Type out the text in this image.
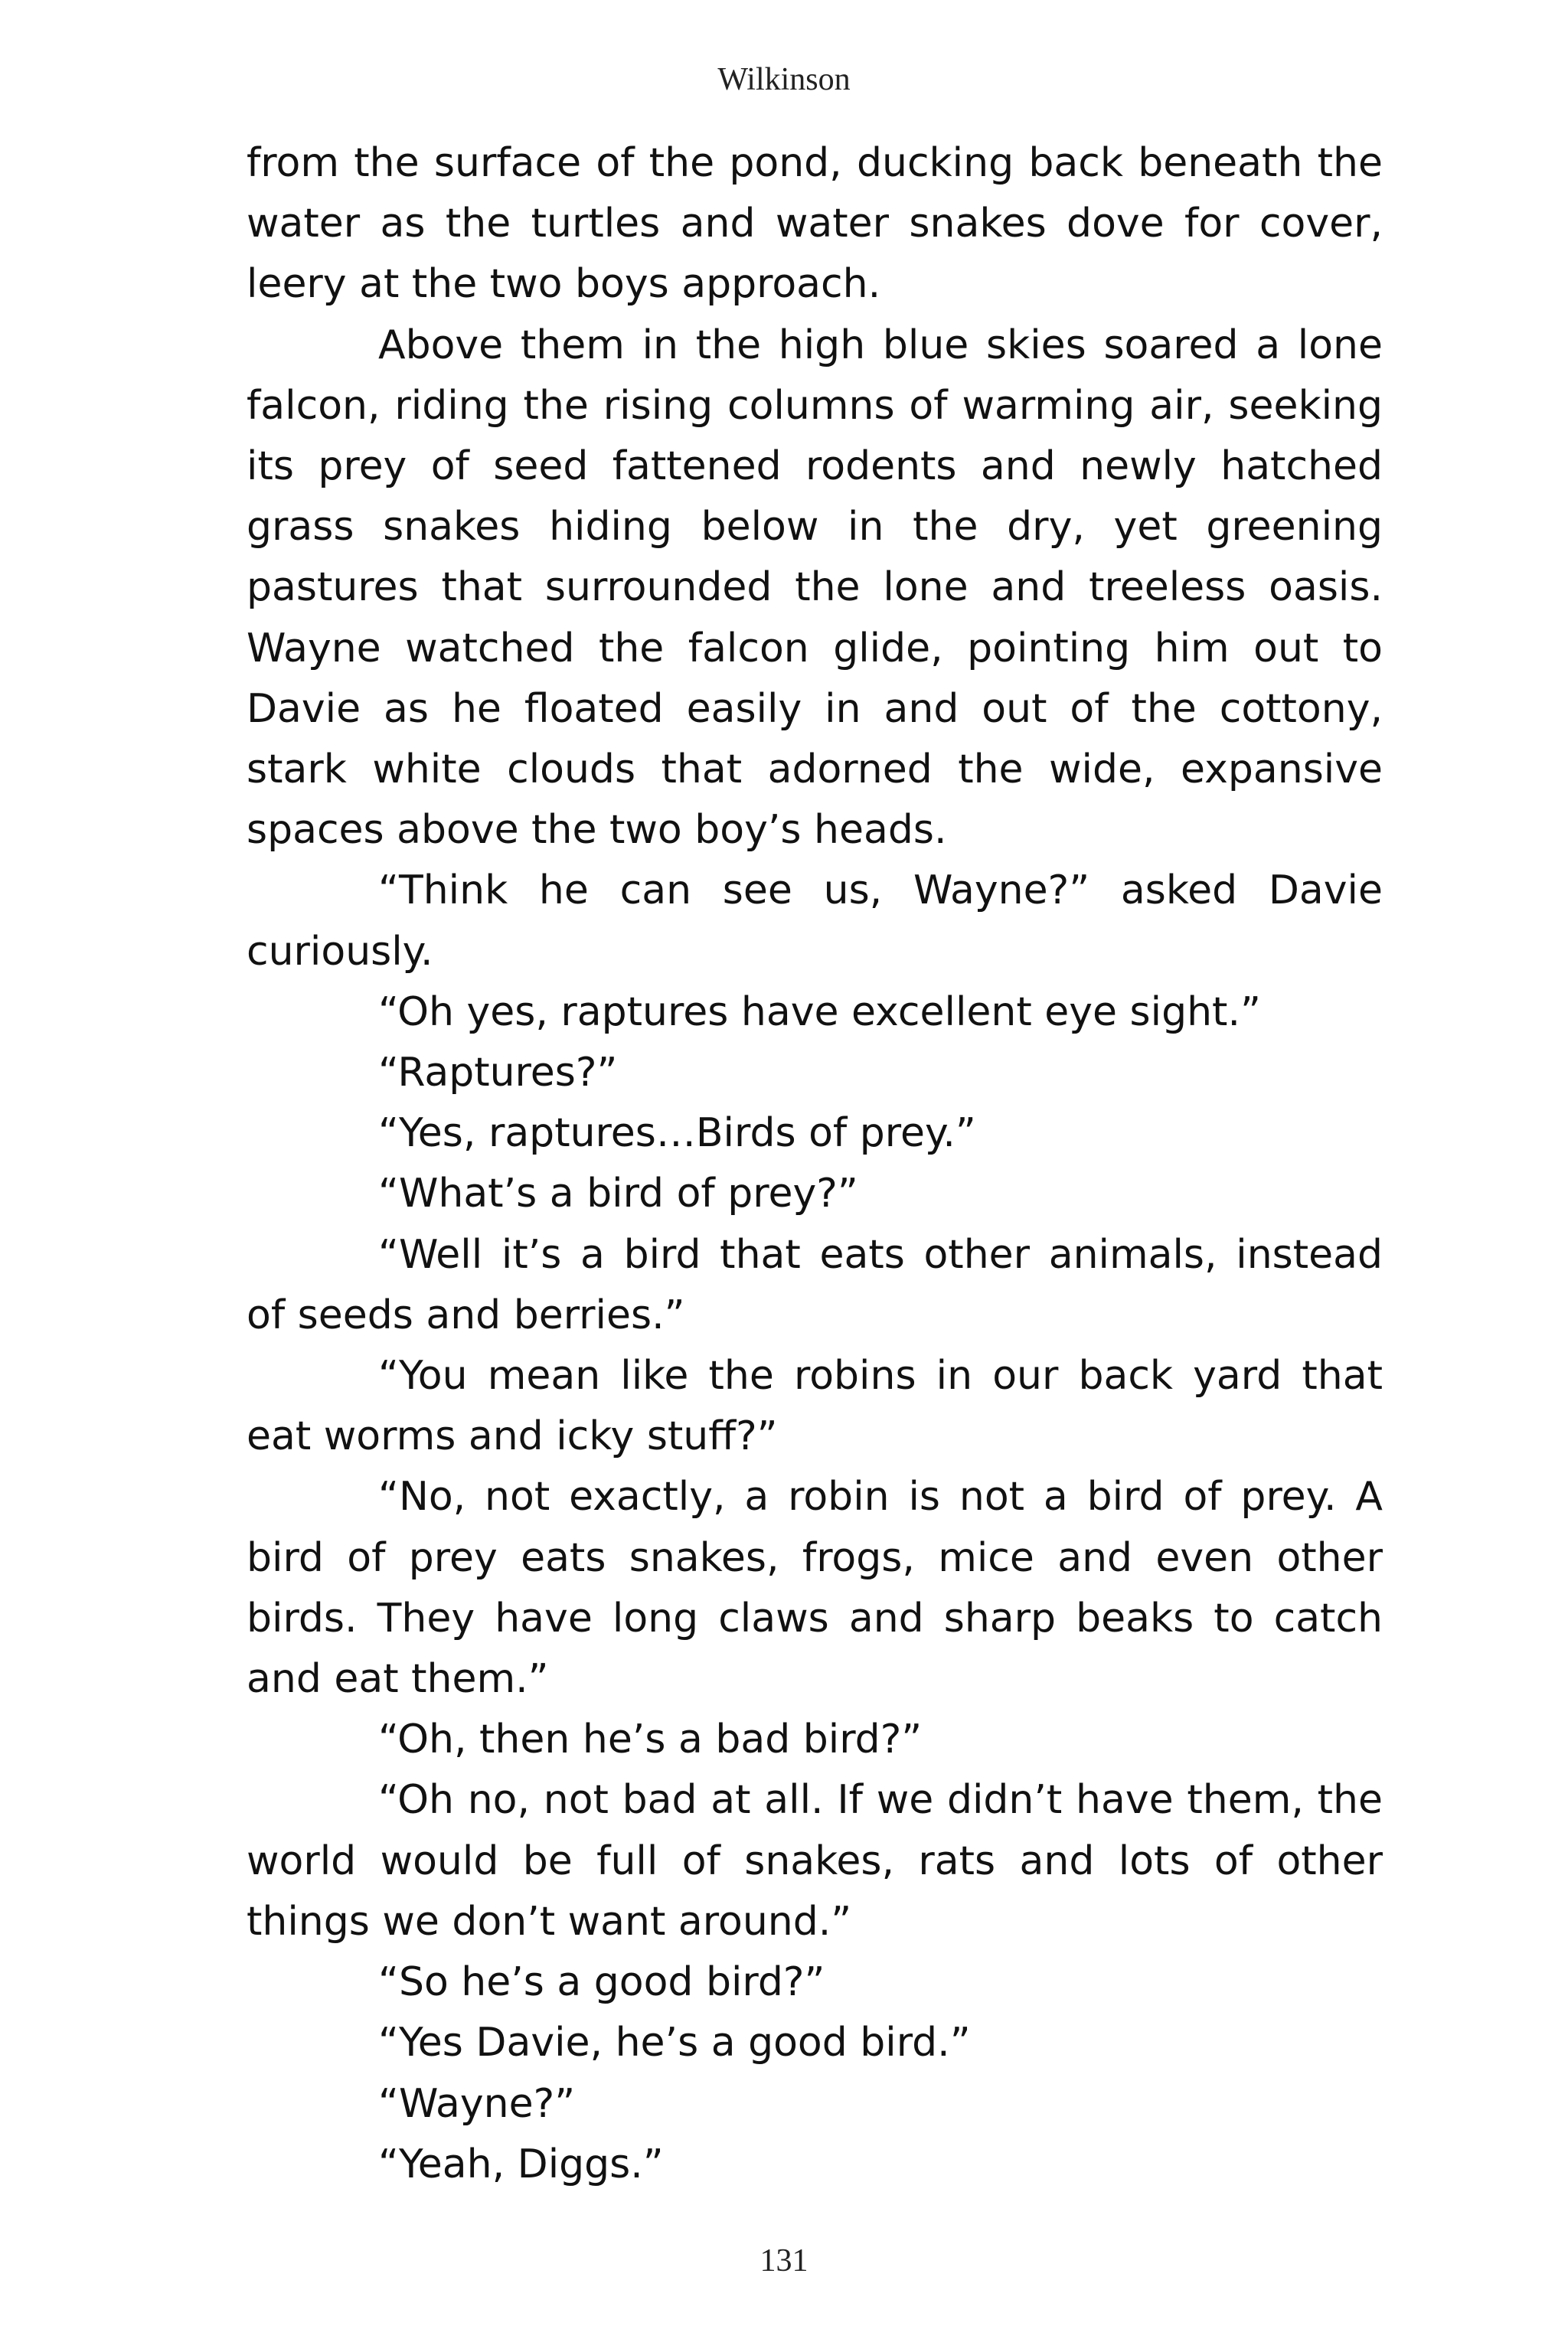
Wilkinson

from the surface of the pond, ducking back beneath the water as the turtles and water snakes dove for cover, leery at the two boys approach.

Above them in the high blue skies soared a lone falcon, riding the rising columns of warming air, seeking its prey of seed fattened rodents and newly hatched grass snakes hiding below in the dry, yet greening pastures that surrounded the lone and treeless oasis. Wayne watched the falcon glide, pointing him out to Davie as he floated easily in and out of the cottony, stark white clouds that adorned the wide, expansive spaces above the two boy’s heads.

“Think he can see us, Wayne?” asked Davie curiously.

“Oh yes, raptures have excellent eye sight.”

“Raptures?”

“Yes, raptures…Birds of prey.”

“What’s a bird of prey?”

“Well it’s a bird that eats other animals, instead of seeds and berries.”

“You mean like the robins in our back yard that eat worms and icky stuff?”

“No, not exactly, a robin is not a bird of prey. A bird of prey eats snakes, frogs, mice and even other birds. They have long claws and sharp beaks to catch and eat them.”

“Oh, then he’s a bad bird?”

“Oh no, not bad at all. If we didn’t have them, the world would be full of snakes, rats and lots of other things we don’t want around.”

“So he’s a good bird?”

“Yes Davie, he’s a good bird.”

“Wayne?”

“Yeah, Diggs.”

131
